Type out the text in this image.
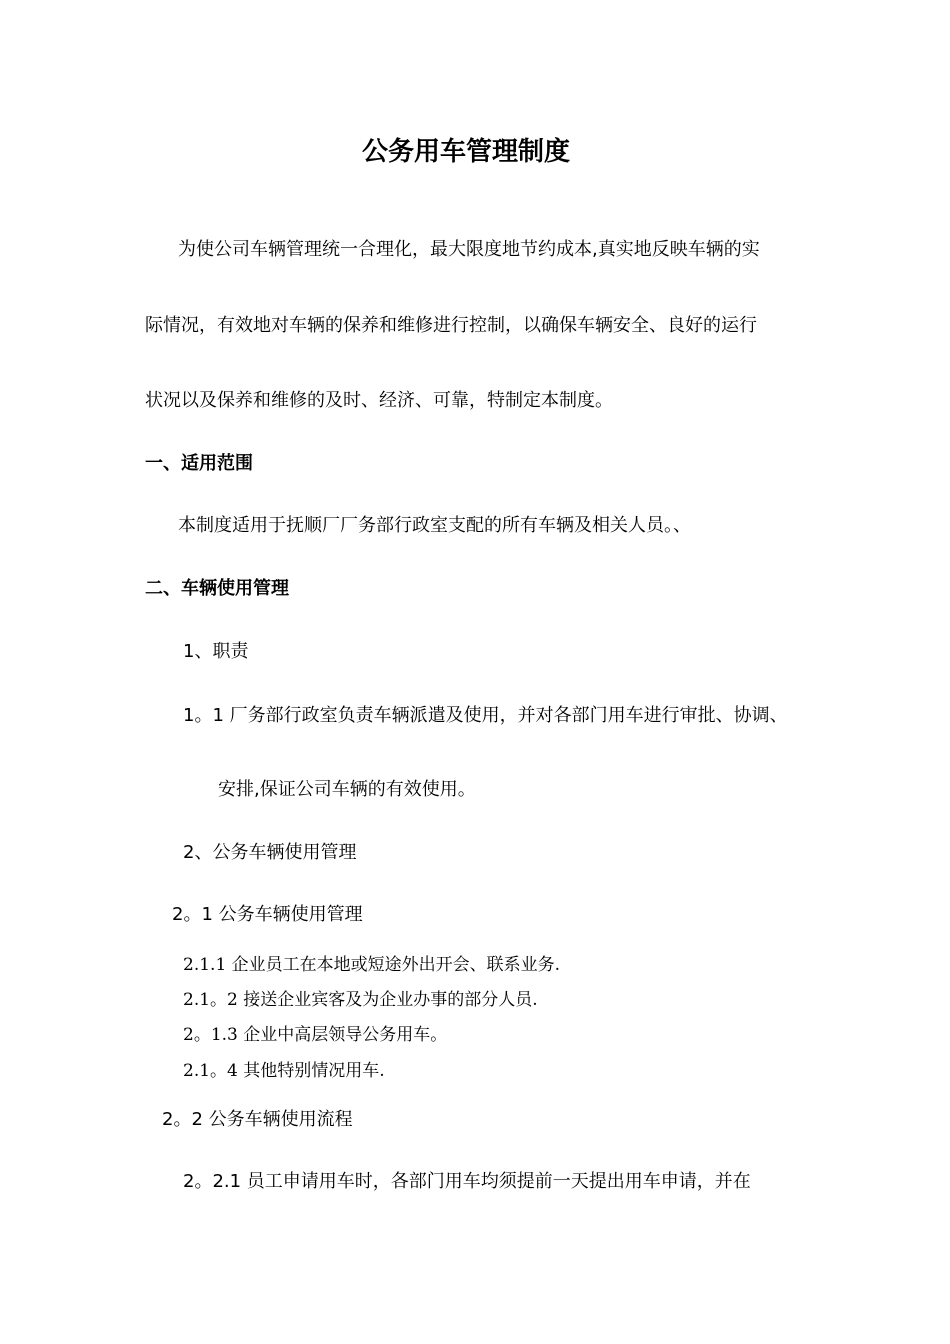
公务用车管理制度
为使公司车辆管理统一合理化，最大限度地节约成本,真实地反映车辆的实
际情况，有效地对车辆的保养和维修进行控制，以确保车辆安全、良好的运行
状况以及保养和维修的及时、经济、可靠，特制定本制度。
一、适用范围
本制度适用于抚顺厂厂务部行政室支配的所有车辆及相关人员。、
二、车辆使用管理
1、职责
1。1 厂务部行政室负责车辆派遣及使用，并对各部门用车进行审批、协调、
安排,保证公司车辆的有效使用。
2、公务车辆使用管理
2。1 公务车辆使用管理
2.1.1 企业员工在本地或短途外出开会、联系业务.
2.1。2 接送企业宾客及为企业办事的部分人员.
2。1.3 企业中高层领导公务用车。
2.1。4 其他特别情况用车.
2。2 公务车辆使用流程
2。2.1 员工申请用车时，各部门用车均须提前一天提出用车申请，并在
